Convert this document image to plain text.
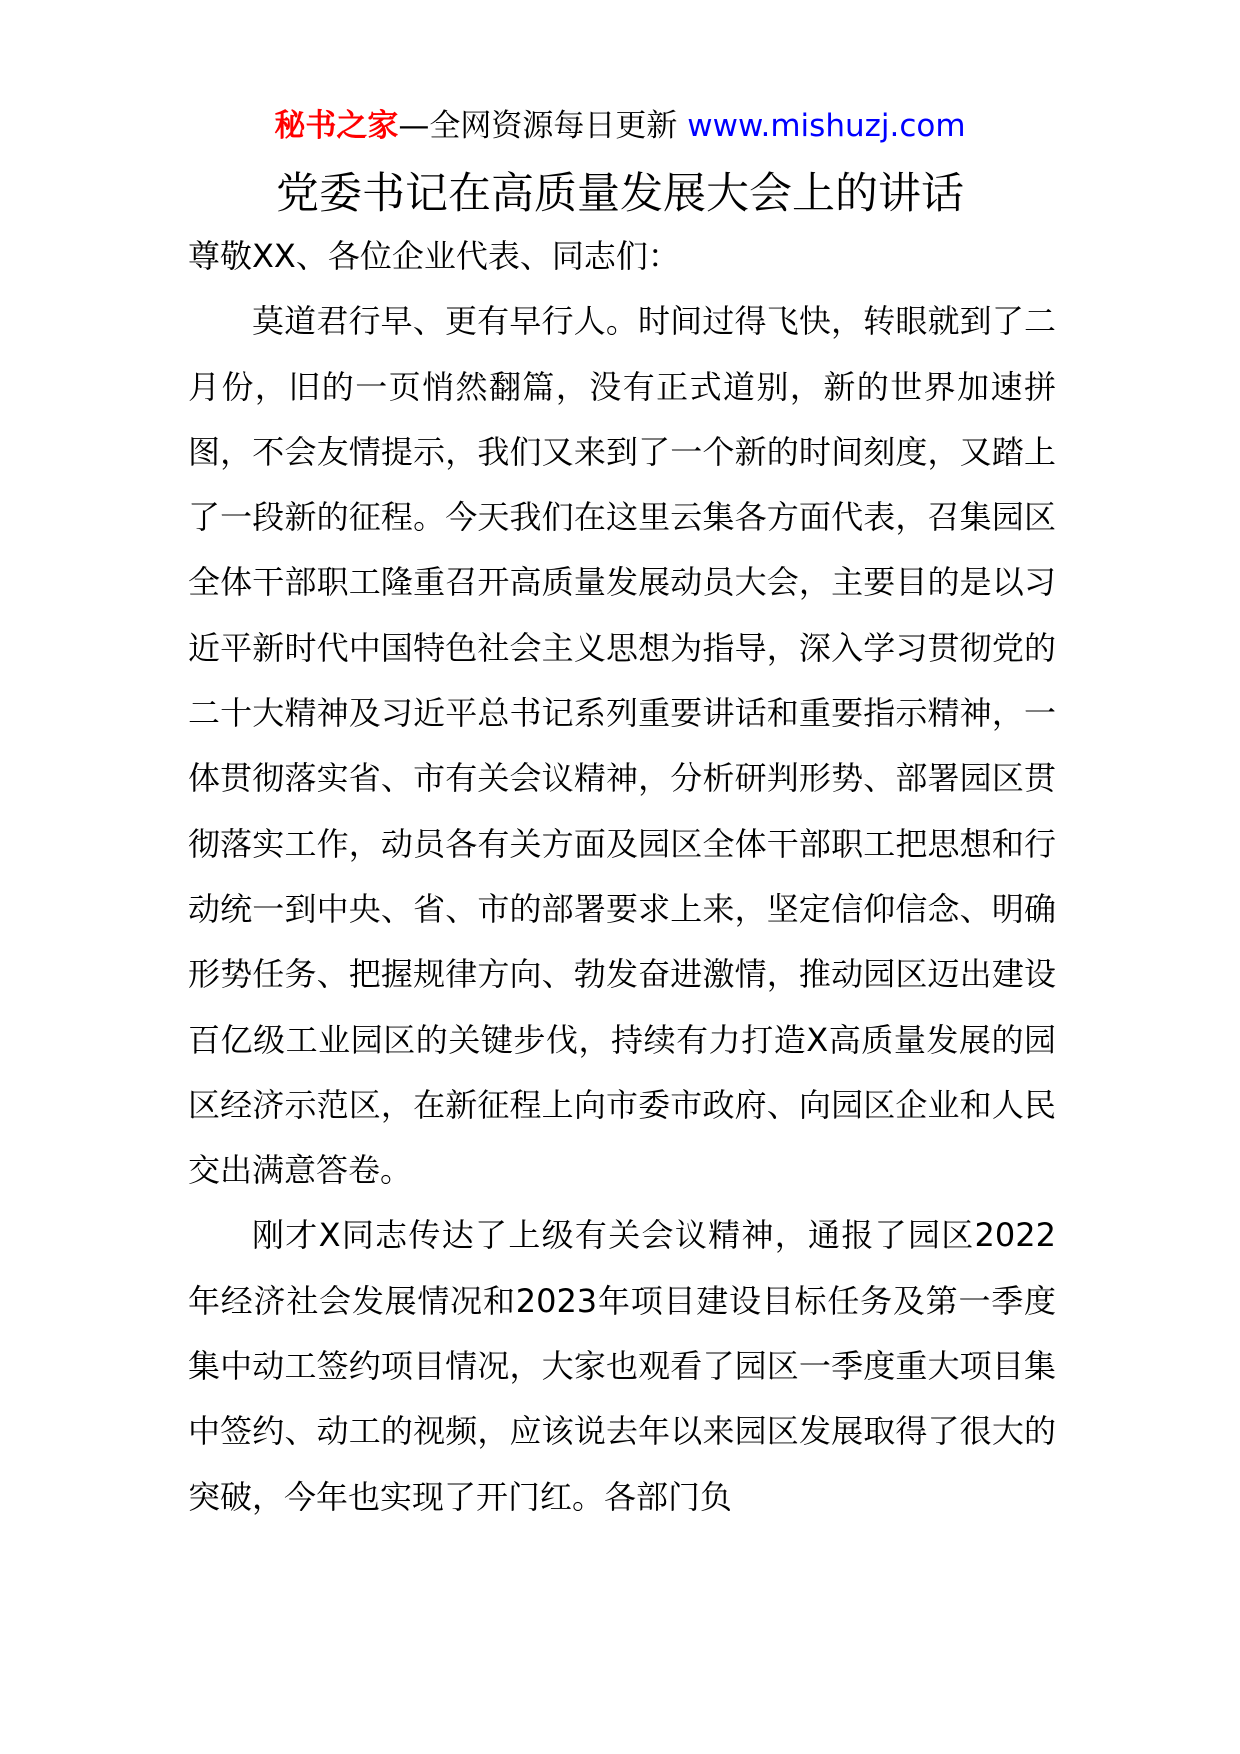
秘书之家—全网资源每日更新 www.mishuzj.com
党委书记在高质量发展大会上的讲话

尊敬XX、各位企业代表、同志们：

莫道君行早、更有早行人。时间过得飞快，转眼就到了二月份，旧的一页悄然翻篇，没有正式道别，新的世界加速拼图，不会友情提示，我们又来到了一个新的时间刻度，又踏上了一段新的征程。今天我们在这里云集各方面代表，召集园区全体干部职工隆重召开高质量发展动员大会，主要目的是以习近平新时代中国特色社会主义思想为指导，深入学习贯彻党的二十大精神及习近平总书记系列重要讲话和重要指示精神，一体贯彻落实省、市有关会议精神，分析研判形势、部署园区贯彻落实工作，动员各有关方面及园区全体干部职工把思想和行动统一到中央、省、市的部署要求上来，坚定信仰信念、明确形势任务、把握规律方向、勃发奋进激情，推动园区迈出建设百亿级工业园区的关键步伐，持续有力打造X高质量发展的园区经济示范区，在新征程上向市委市政府、向园区企业和人民交出满意答卷。

刚才X同志传达了上级有关会议精神，通报了园区2022年经济社会发展情况和2023年项目建设目标任务及第一季度集中动工签约项目情况，大家也观看了园区一季度重大项目集中签约、动工的视频，应该说去年以来园区发展取得了很大的突破，今年也实现了开门红。各部门负
